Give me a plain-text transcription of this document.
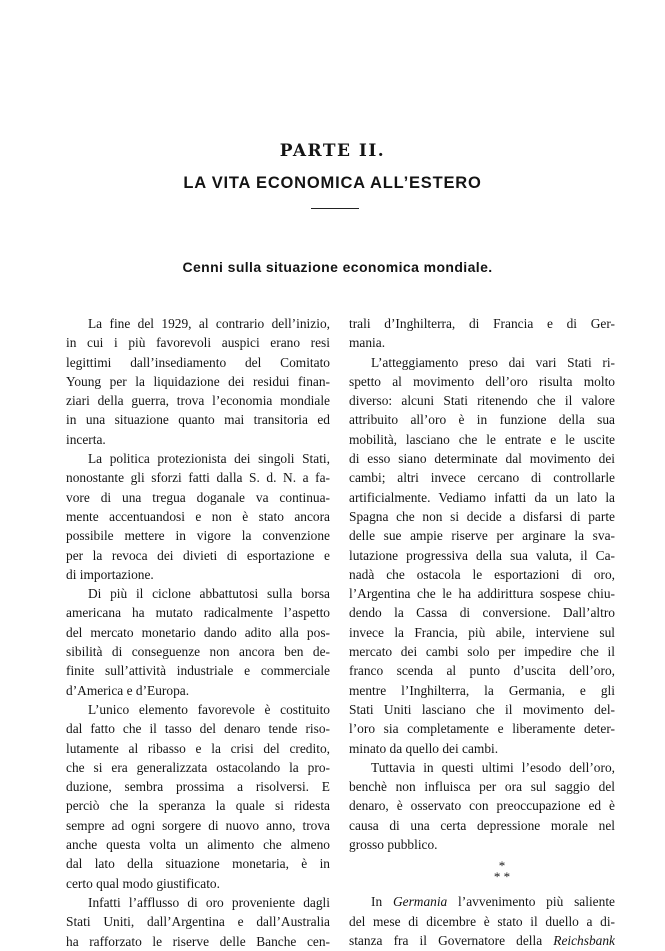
PARTE II.
LA VITA ECONOMICA ALL’ESTERO
Cenni sulla situazione economica mondiale.
La fine del 1929, al contrario dell’inizio,
in cui i più favorevoli auspici erano resi
legittimi dall’insediamento del Comitato
Young per la liquidazione dei residui finan-
ziari della guerra, trova l’economia mondiale
in una situazione quanto mai transitoria ed
incerta.
La politica protezionista dei singoli Stati,
nonostante gli sforzi fatti dalla S. d. N. a fa-
vore di una tregua doganale va continua-
mente accentuandosi e non è stato ancora
possibile mettere in vigore la convenzione
per la revoca dei divieti di esportazione e
di importazione.
Di più il ciclone abbattutosi sulla borsa
americana ha mutato radicalmente l’aspetto
del mercato monetario dando adito alla pos-
sibilità di conseguenze non ancora ben de-
finite sull’attività industriale e commerciale
d’America e d’Europa.
L’unico elemento favorevole è costituito
dal fatto che il tasso del denaro tende riso-
lutamente al ribasso e la crisi del credito,
che si era generalizzata ostacolando la pro-
duzione, sembra prossima a risolversi. E
perciò che la speranza la quale si ridesta
sempre ad ogni sorgere di nuovo anno, trova
anche questa volta un alimento che almeno
dal lato della situazione monetaria, è in
certo qual modo giustificato.
Infatti l’afflusso di oro proveniente dagli
Stati Uniti, dall’Argentina e dall’Australia
ha rafforzato le riserve delle Banche cen-
trali d’Inghilterra, di Francia e di Ger-
mania.
L’atteggiamento preso dai vari Stati ri-
spetto al movimento dell’oro risulta molto
diverso: alcuni Stati ritenendo che il valore
attribuito all’oro è in funzione della sua
mobilità, lasciano che le entrate e le uscite
di esso siano determinate dal movimento dei
cambi; altri invece cercano di controllarle
artificialmente. Vediamo infatti da un lato la
Spagna che non si decide a disfarsi di parte
delle sue ampie riserve per arginare la sva-
lutazione progressiva della sua valuta, il Ca-
nadà che ostacola le esportazioni di oro,
l’Argentina che le ha addirittura sospese chiu-
dendo la Cassa di conversione. Dall’altro
invece la Francia, più abile, interviene sul
mercato dei cambi solo per impedire che il
franco scenda al punto d’uscita dell’oro,
mentre l’Inghilterra, la Germania, e gli
Stati Uniti lasciano che il movimento del-
l’oro sia completamente e liberamente deter-
minato da quello dei cambi.
Tuttavia in questi ultimi l’esodo dell’oro,
benchè non influisca per ora sul saggio del
denaro, è osservato con preoccupazione ed è
causa di una certa depressione morale nel
grosso pubblico.
*
* *
In Germania l’avvenimento più saliente
del mese di dicembre è stato il duello a di-
stanza fra il Governatore della Reichsbank
